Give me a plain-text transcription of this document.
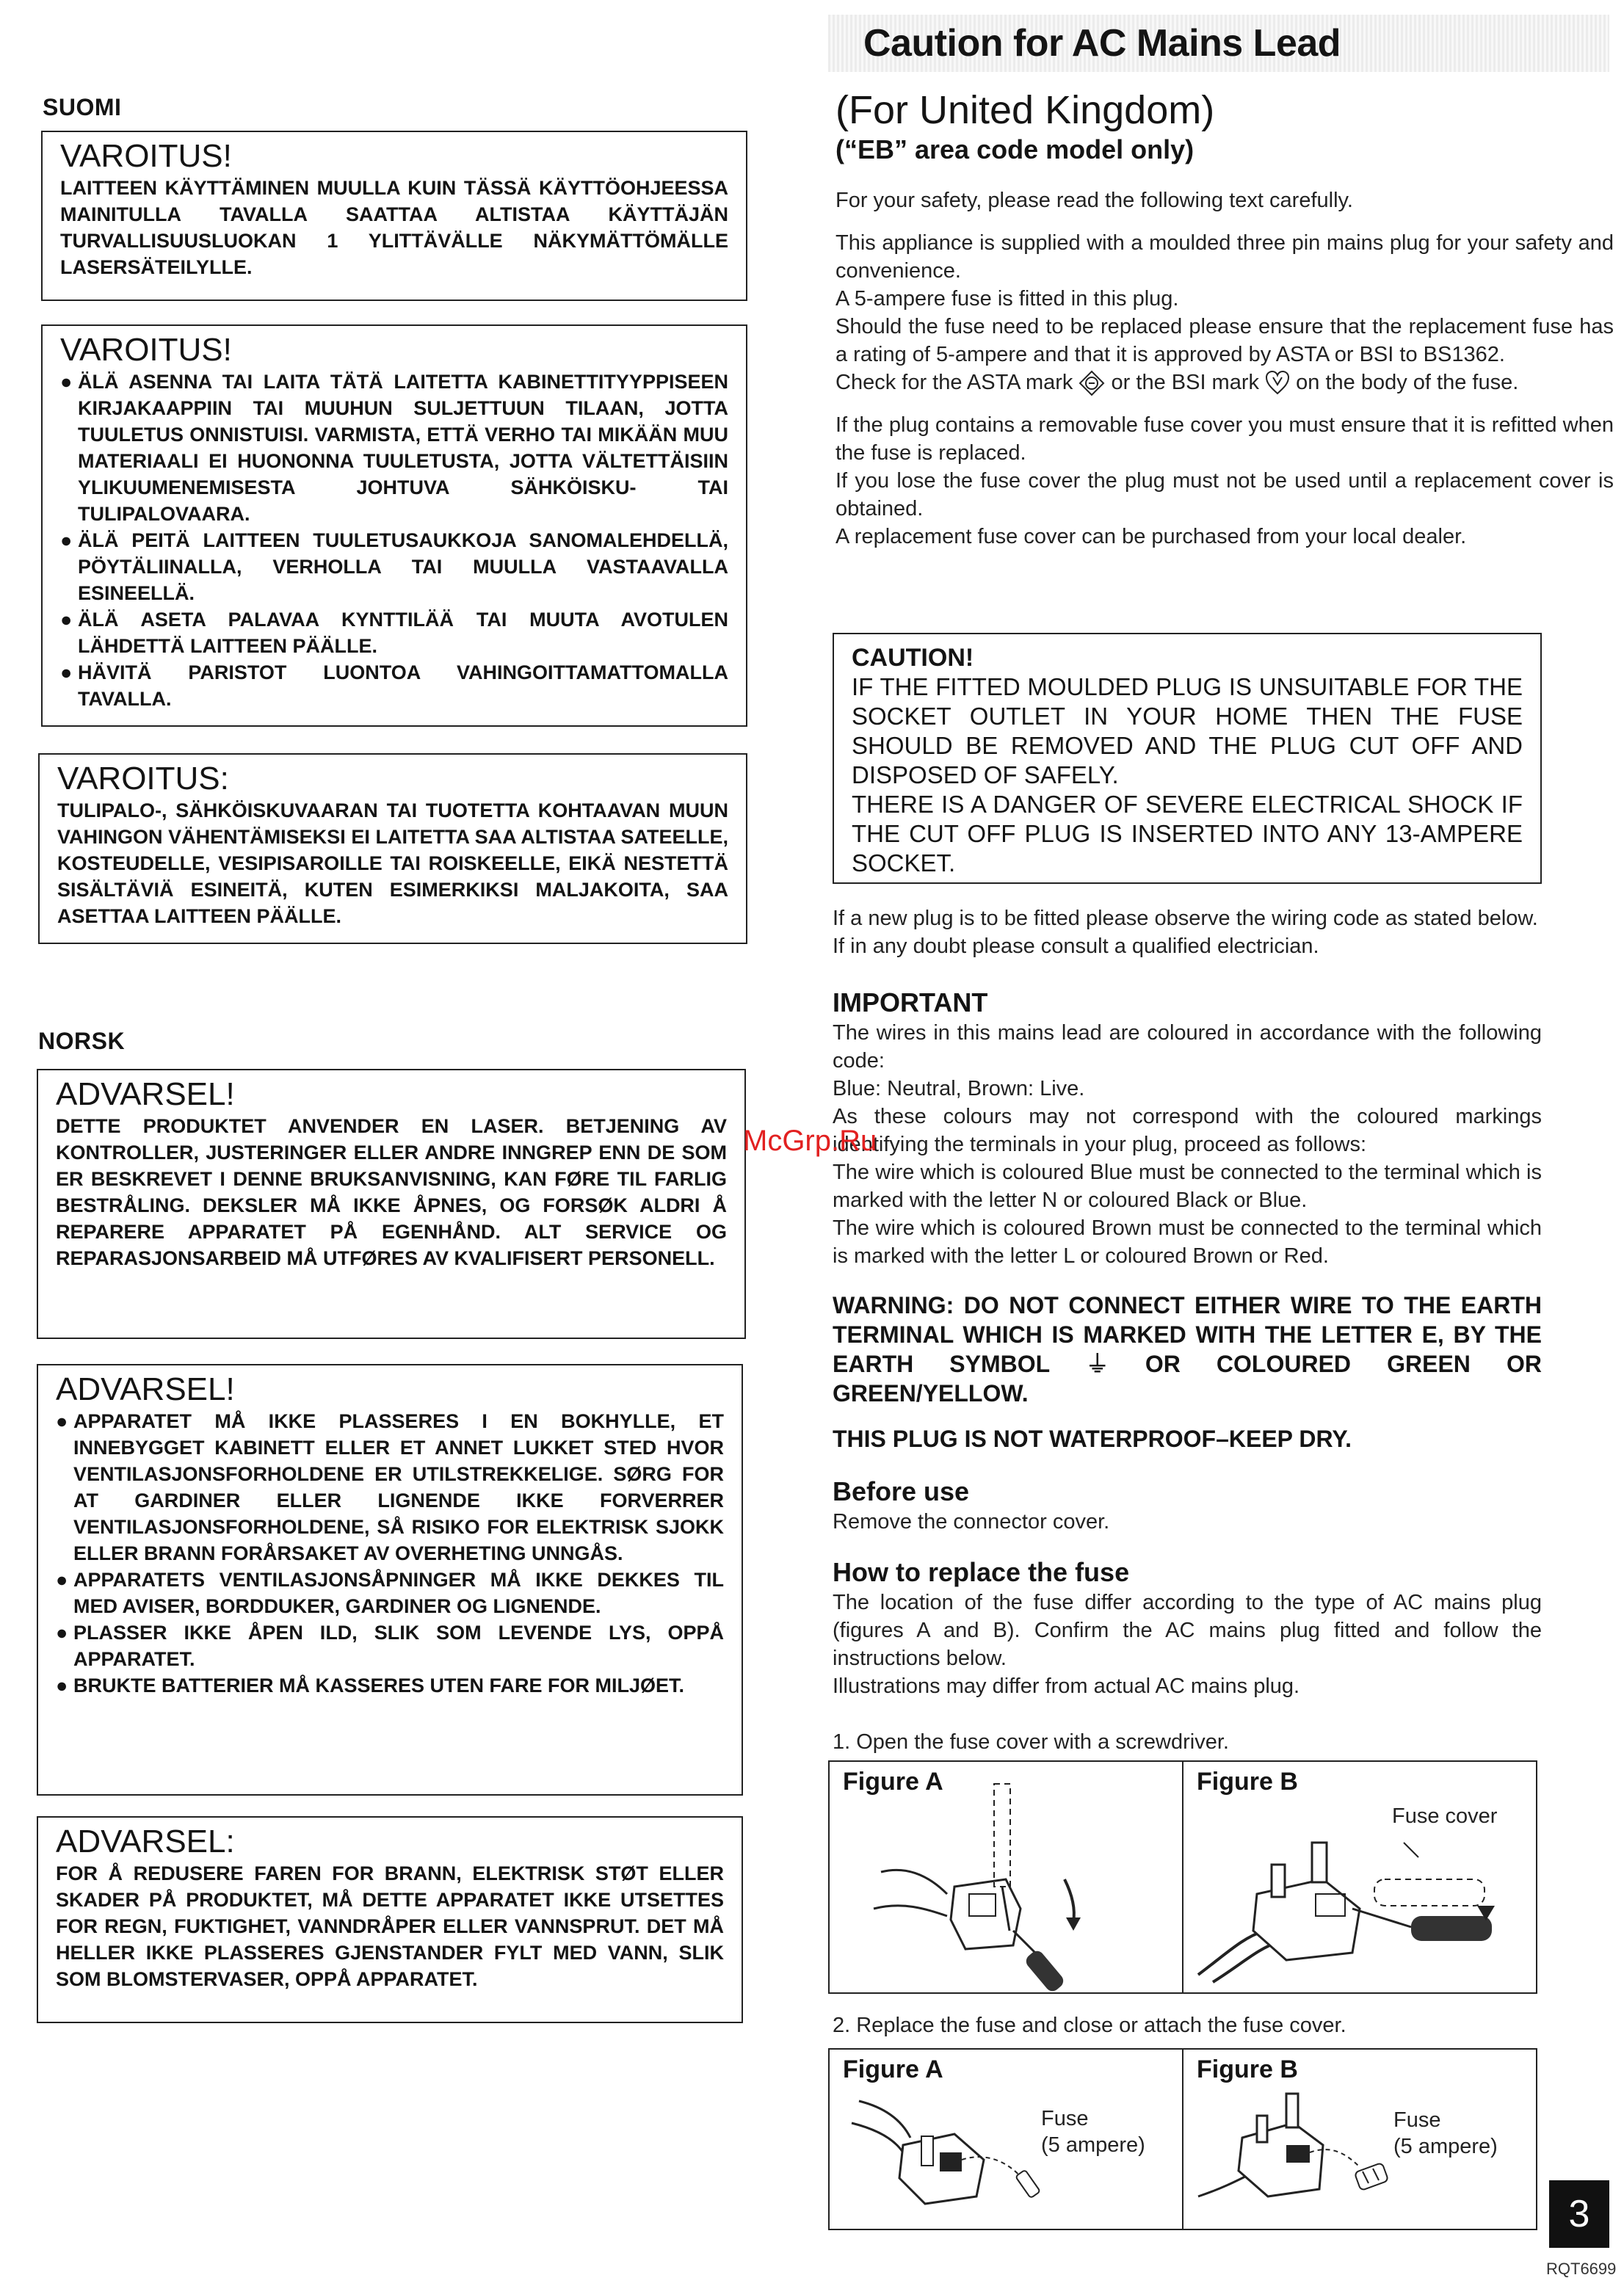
SUOMI

VAROITUS!

LAITTEEN KÄYTTÄMINEN MUULLA KUIN TÄSSÄ KÄYTTÖOHJEESSA MAINITULLA TAVALLA SAATTAA ALTISTAA KÄYTTÄJÄN TURVALLISUUSLUOKAN 1 YLITTÄVÄLLE NÄKYMÄTTÖMÄLLE LASERSÄTEILYLLE.

VAROITUS!

● ÄLÄ ASENNA TAI LAITA TÄTÄ LAITETTA KABINETTITYYPPISEEN KIRJAKAAPPIIN TAI MUUHUN SULJETTUUN TILAAN, JOTTA TUULETUS ONNISTUISI. VARMISTA, ETTÄ VERHO TAI MIKÄÄN MUU MATERIAALI EI HUONONNA TUULETUSTA, JOTTA VÄLTETTÄISIIN YLIKUUMENEMISESTA JOHTUVA SÄHKÖISKU- TAI TULIPALOVAARA.
● ÄLÄ PEITÄ LAITTEEN TUULETUSAUKKOJA SANOMALEHDELLÄ, PÖYTÄLIINALLA, VERHOLLA TAI MUULLA VASTAAVALLA ESINEELLÄ.
● ÄLÄ ASETA PALAVAA KYNTTILÄÄ TAI MUUTA AVOTULEN LÄHDETTÄ LAITTEEN PÄÄLLE.
● HÄVITÄ PARISTOT LUONTOA VAHINGOITTAMATTOMALLA TAVALLA.

VAROITUS:

TULIPALO-, SÄHKÖISKUVAARAN TAI TUOTETTA KOHTAAVAN MUUN VAHINGON VÄHENTÄMISEKSI EI LAITETTA SAA ALTISTAA SATEELLE, KOSTEUDELLE, VESIPISAROILLE TAI ROISKEELLE, EIKÄ NESTETTÄ SISÄLTÄVIÄ ESINEITÄ, KUTEN ESIMERKIKSI MALJAKOITA, SAA ASETTAA LAITTEEN PÄÄLLE.

NORSK

ADVARSEL!

DETTE PRODUKTET ANVENDER EN LASER. BETJENING AV KONTROLLER, JUSTERINGER ELLER ANDRE INNGREP ENN DE SOM ER BESKREVET I DENNE BRUKSANVISNING, KAN FØRE TIL FARLIG BESTRÅLING. DEKSLER MÅ IKKE ÅPNES, OG FORSØK ALDRI Å REPARERE APPARATET PÅ EGENHÅND. ALT SERVICE OG REPARASJONSARBEID MÅ UTFØRES AV KVALIFISERT PERSONELL.

ADVARSEL!

● APPARATET MÅ IKKE PLASSERES I EN BOKHYLLE, ET INNEBYGGET KABINETT ELLER ET ANNET LUKKET STED HVOR VENTILASJONSFORHOLDENE ER UTILSTREKKELIGE. SØRG FOR AT GARDINER ELLER LIGNENDE IKKE FORVERRER VENTILASJONSFORHOLDENE, SÅ RISIKO FOR ELEKTRISK SJOKK ELLER BRANN FORÅRSAKET AV OVERHETING UNNGÅS.
● APPARATETS VENTILASJONSÅPNINGER MÅ IKKE DEKKES TIL MED AVISER, BORDDUKER, GARDINER OG LIGNENDE.
● PLASSER IKKE ÅPEN ILD, SLIK SOM LEVENDE LYS, OPPÅ APPARATET.
● BRUKTE BATTERIER MÅ KASSERES UTEN FARE FOR MILJØET.

ADVARSEL:

FOR Å REDUSERE FAREN FOR BRANN, ELEKTRISK STØT ELLER SKADER PÅ PRODUKTET, MÅ DETTE APPARATET IKKE UTSETTES FOR REGN, FUKTIGHET, VANNDRÅPER ELLER VANNSPRUT. DET MÅ HELLER IKKE PLASSERES GJENSTANDER FYLT MED VANN, SLIK SOM BLOMSTERVASER, OPPÅ APPARATET.

Caution for AC Mains Lead
(For United Kingdom)
(“EB” area code model only)

For your safety, please read the following text carefully.

This appliance is supplied with a moulded three pin mains plug for your safety and convenience.

A 5-ampere fuse is fitted in this plug.

Should the fuse need to be replaced please ensure that the replacement fuse has a rating of 5-ampere and that it is approved by ASTA or BSI to BS1362.

Check for the ASTA mark or the BSI mark on the body of the fuse.

If the plug contains a removable fuse cover you must ensure that it is refitted when the fuse is replaced.

If you lose the fuse cover the plug must not be used until a replacement cover is obtained.

A replacement fuse cover can be purchased from your local dealer.

CAUTION!

IF THE FITTED MOULDED PLUG IS UNSUITABLE FOR THE SOCKET OUTLET IN YOUR HOME THEN THE FUSE SHOULD BE REMOVED AND THE PLUG CUT OFF AND DISPOSED OF SAFELY.

THERE IS A DANGER OF SEVERE ELECTRICAL SHOCK IF THE CUT OFF PLUG IS INSERTED INTO ANY 13-AMPERE SOCKET.

If a new plug is to be fitted please observe the wiring code as stated below.

If in any doubt please consult a qualified electrician.

IMPORTANT

The wires in this mains lead are coloured in accordance with the following code:

Blue: Neutral, Brown: Live.

As these colours may not correspond with the coloured markings identifying the terminals in your plug, proceed as follows:

The wire which is coloured Blue must be connected to the terminal which is marked with the letter N or coloured Black or Blue.

The wire which is coloured Brown must be connected to the terminal which is marked with the letter L or coloured Brown or Red.

WARNING: DO NOT CONNECT EITHER WIRE TO THE EARTH TERMINAL WHICH IS MARKED WITH THE LETTER E, BY THE EARTH SYMBOL ⏚ OR COLOURED GREEN OR GREEN/YELLOW.

THIS PLUG IS NOT WATERPROOF–KEEP DRY.

Before use

Remove the connector cover.

How to replace the fuse

The location of the fuse differ according to the type of AC mains plug (figures A and B). Confirm the AC mains plug fitted and follow the instructions below.

Illustrations may differ from actual AC mains plug.

1. Open the fuse cover with a screwdriver.

Figure A	Figure B
Fuse cover

2. Replace the fuse and close or attach the fuse cover.

Figure A
Fuse
(5 ampere)
Figure B
Fuse
(5 ampere)
McGrp.Ru
3
RQT6699
